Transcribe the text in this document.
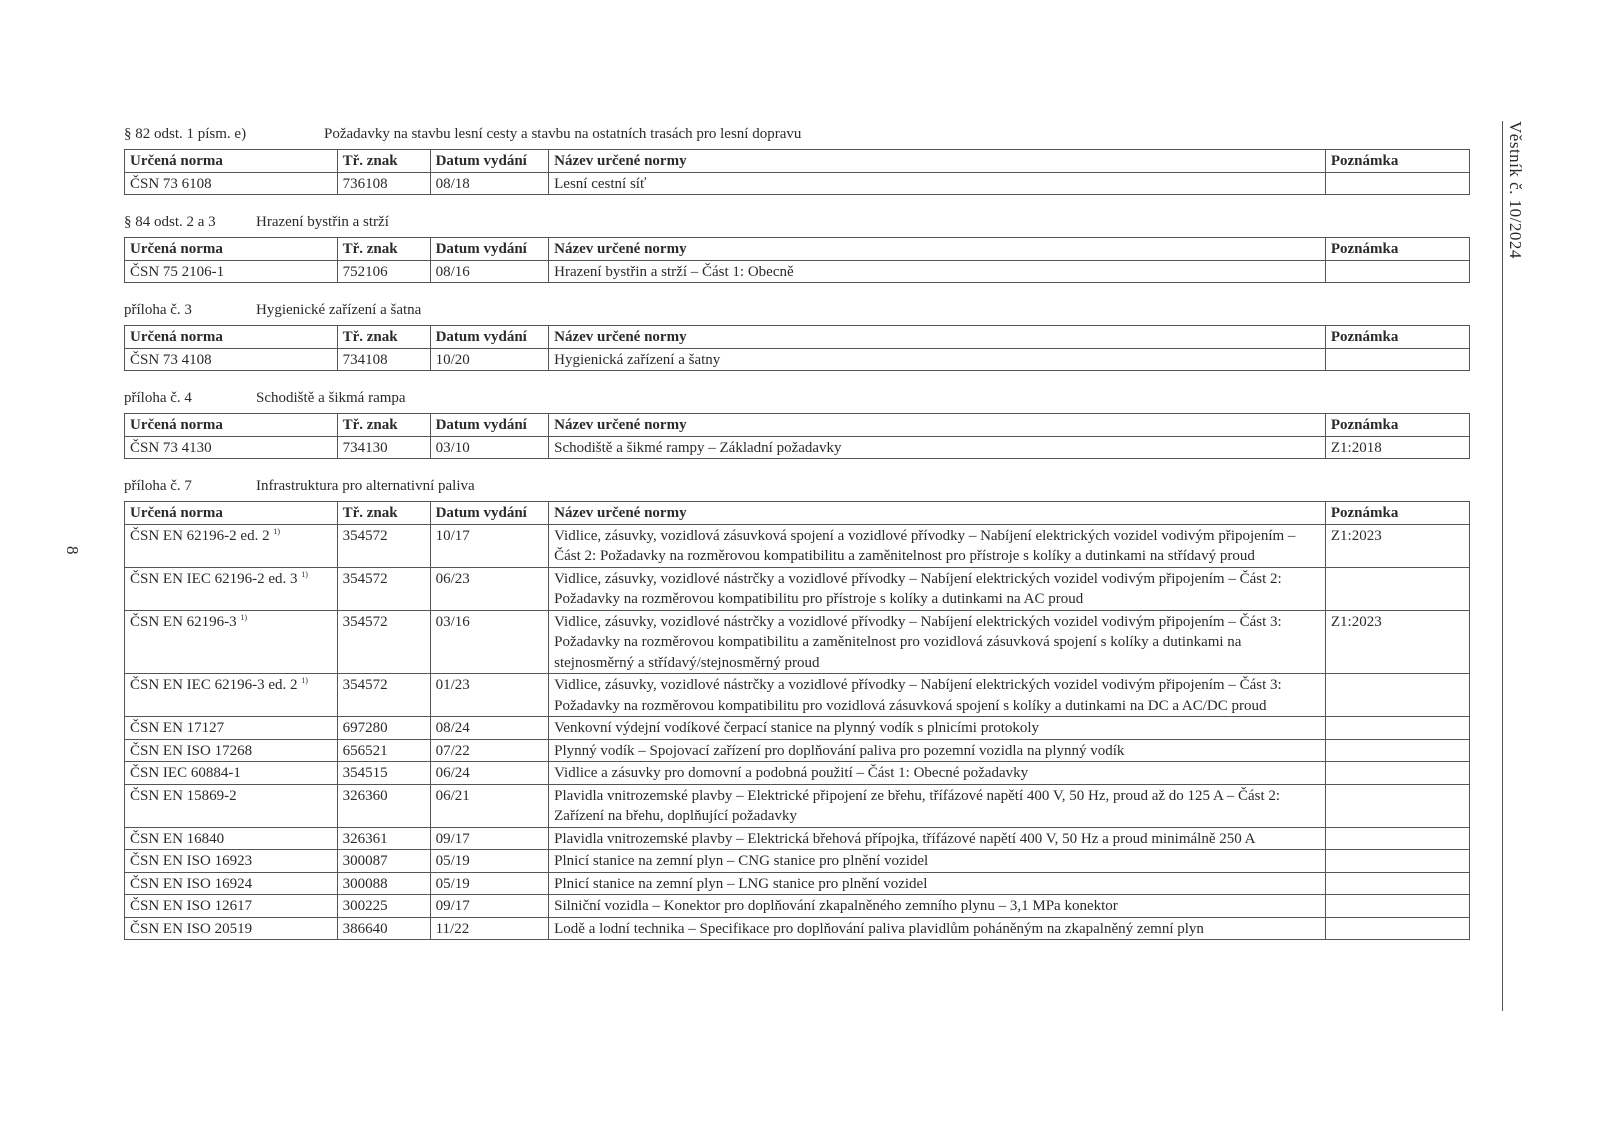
Věstník č. 10/2024
8
§ 82 odst. 1 písm. e)	Požadavky na stavbu lesní cesty a stavbu na ostatních trasách pro lesní dopravu
Určená norma	Tř. znak	Datum vydání	Název určené normy	Poznámka
ČSN 73 6108	736108	08/18	Lesní cestní síť	
§ 84 odst. 2 a 3	Hrazení bystřin a strží
Určená norma	Tř. znak	Datum vydání	Název určené normy	Poznámka
ČSN 75 2106-1	752106	08/16	Hrazení bystřin a strží – Část 1: Obecně	
příloha č. 3	Hygienické zařízení a šatna
Určená norma	Tř. znak	Datum vydání	Název určené normy	Poznámka
ČSN 73 4108	734108	10/20	Hygienická zařízení a šatny	
příloha č. 4	Schodiště a šikmá rampa
Určená norma	Tř. znak	Datum vydání	Název určené normy	Poznámka
ČSN 73 4130	734130	03/10	Schodiště a šikmé rampy – Základní požadavky	Z1:2018
příloha č. 7	Infrastruktura pro alternativní paliva
Určená norma	Tř. znak	Datum vydání	Název určené normy	Poznámka
ČSN EN 62196-2 ed. 2 $^{1)}$	354572	10/17	Vidlice, zásuvky, vozidlová zásuvková spojení a vozidlové přívodky – Nabíjení elektrických vozidel vodivým připojením – Část 2: Požadavky na rozměrovou kompatibilitu a zaměnitelnost pro přístroje s kolíky a dutinkami na střídavý proud	Z1:2023
ČSN EN IEC 62196-2 ed. 3 $^{1)}$	354572	06/23	Vidlice, zásuvky, vozidlové nástrčky a vozidlové přívodky – Nabíjení elektrických vozidel vodivým připojením – Část 2: Požadavky na rozměrovou kompatibilitu pro přístroje s kolíky a dutinkami na AC proud	
ČSN EN 62196-3 $^{1)}$	354572	03/16	Vidlice, zásuvky, vozidlové nástrčky a vozidlové přívodky – Nabíjení elektrických vozidel vodivým připojením – Část 3: Požadavky na rozměrovou kompatibilitu a zaměnitelnost pro vozidlová zásuvková spojení s kolíky a dutinkami na stejnosměrný a střídavý/stejnosměrný proud	Z1:2023
ČSN EN IEC 62196-3 ed. 2 $^{1)}$	354572	01/23	Vidlice, zásuvky, vozidlové nástrčky a vozidlové přívodky – Nabíjení elektrických vozidel vodivým připojením – Část 3: Požadavky na rozměrovou kompatibilitu pro vozidlová zásuvková spojení s kolíky a dutinkami na DC a AC/DC proud	
ČSN EN 17127	697280	08/24	Venkovní výdejní vodíkové čerpací stanice na plynný vodík s plnicími protokoly	
ČSN EN ISO 17268	656521	07/22	Plynný vodík – Spojovací zařízení pro doplňování paliva pro pozemní vozidla na plynný vodík	
ČSN IEC 60884-1	354515	06/24	Vidlice a zásuvky pro domovní a podobná použití – Část 1: Obecné požadavky	
ČSN EN 15869-2	326360	06/21	Plavidla vnitrozemské plavby – Elektrické připojení ze břehu, třífázové napětí 400 V, 50 Hz, proud až do 125 A – Část 2: Zařízení na břehu, doplňující požadavky	
ČSN EN 16840	326361	09/17	Plavidla vnitrozemské plavby – Elektrická břehová přípojka, třífázové napětí 400 V, 50 Hz a proud minimálně 250 A	
ČSN EN ISO 16923	300087	05/19	Plnicí stanice na zemní plyn – CNG stanice pro plnění vozidel	
ČSN EN ISO 16924	300088	05/19	Plnicí stanice na zemní plyn – LNG stanice pro plnění vozidel	
ČSN EN ISO 12617	300225	09/17	Silniční vozidla – Konektor pro doplňování zkapalněného zemního plynu – 3,1 MPa konektor	
ČSN EN ISO 20519	386640	11/22	Lodě a lodní technika – Specifikace pro doplňování paliva plavidlům poháněným na zkapalněný zemní plyn	
